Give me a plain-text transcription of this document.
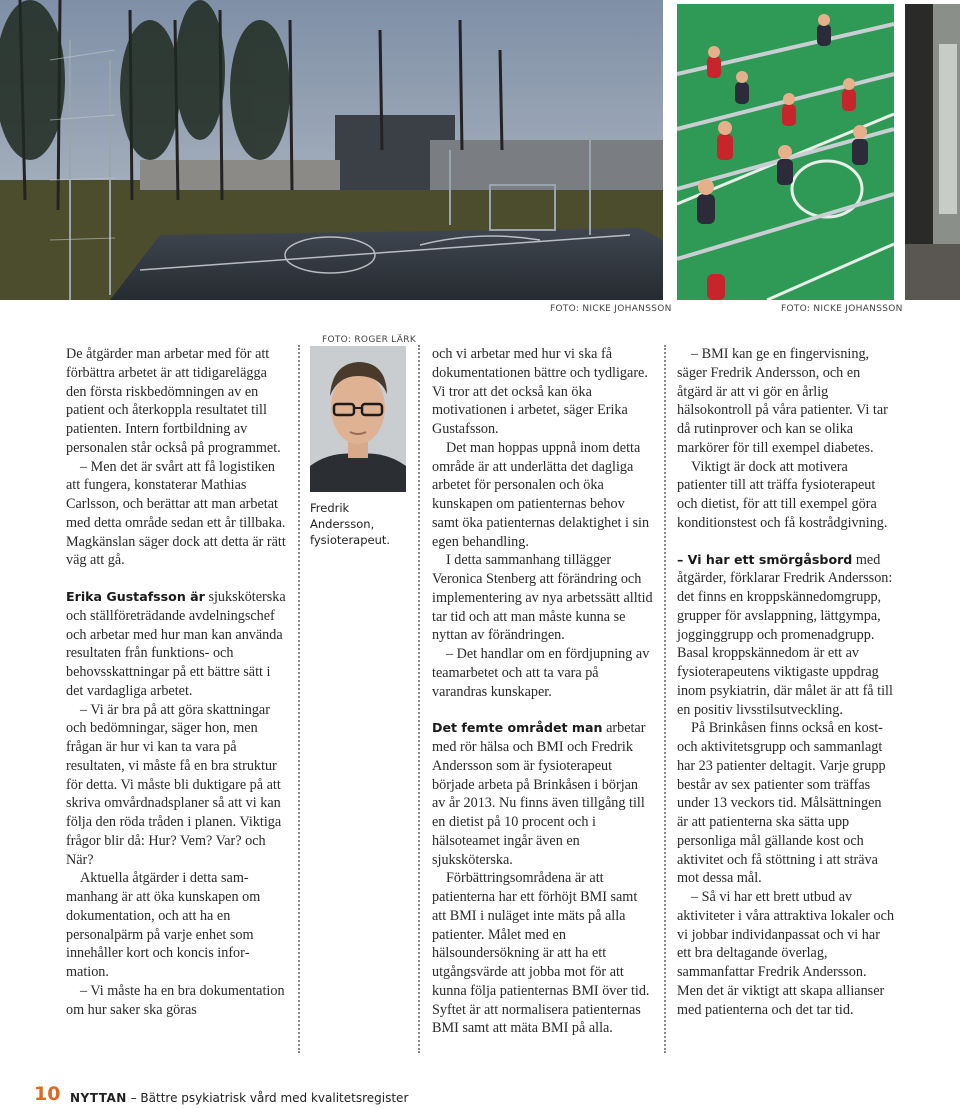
FOTO: NICKE JOHANSSON	FOTO: NICKE JOHANSSON

De åtgärder man arbetar med för att förbättra arbetet är att tidigarelägga den första riskbedömningen av en patient och återkoppla resultatet till patienten. Intern fortbildning av personalen står också på programmet.

– Men det är svårt att få logistiken att fungera, konstaterar Mathias Carlsson, och berättar att man arbetat med detta område sedan ett år tillbaka. Magkänslan säger dock att detta är rätt väg att gå.

Erika Gustafsson är sjuksköterska och ställföreträdande avdelningschef och arbetar med hur man kan använda resultaten från funktions- och behovsskattningar på ett bättre sätt i det vardagliga arbetet.

– Vi är bra på att göra skattningar och bedömningar, säger hon, men frågan är hur vi kan ta vara på resultaten, vi måste få en bra struktur för detta. Vi måste bli duktigare på att skriva omvårdnadsplaner så att vi kan följa den röda tråden i planen. Viktiga frågor blir då: Hur? Vem? Var? och När?

Aktuella åtgärder i detta sammanhang är att öka kunskapen om dokumentation, och att ha en personalpärm på varje enhet som innehåller kort och koncis information.

– Vi måste ha en bra dokumentation om hur saker ska göras

FOTO: ROGER LÄRK
Fredrik
Andersson,
fysioterapeut.

och vi arbetar med hur vi ska få dokumentationen bättre och tydligare. Vi tror att det också kan öka motivationen i arbetet, säger Erika Gustafsson.

Det man hoppas uppnå inom detta område är att underlätta det dagliga arbetet för personalen och öka kunskapen om patienternas behov samt öka patienternas delaktighet i sin egen behandling.

I detta sammanhang tillägger Veronica Stenberg att förändring och implementering av nya arbetssätt alltid tar tid och att man måste kunna se nyttan av förändringen.

– Det handlar om en fördjupning av teamarbetet och att ta vara på varandras kunskaper.

Det femte området man arbetar med rör hälsa och BMI och Fredrik Andersson som är fysioterapeut började arbeta på Brinkåsen i början av år 2013. Nu finns även tillgång till en dietist på 10 procent och i hälsoteamet ingår även en sjuksköterska.

Förbättringsområdena är att patienterna har ett förhöjt BMI samt att BMI i nuläget inte mäts på alla patienter. Målet med en hälsoundersökning är att ha ett utgångsvärde att jobba mot för att kunna följa patienternas BMI över tid. Syftet är att normalisera patienternas BMI samt att mäta BMI på alla.

– BMI kan ge en fingervisning, säger Fredrik Andersson, och en åtgärd är att vi gör en årlig hälsokontroll på våra patienter. Vi tar då rutinprover och kan se olika markörer för till exempel diabetes.

Viktigt är dock att motivera patienter till att träffa fysioterapeut och dietist, för att till exempel göra konditionstest och få kostrådgivning.

– Vi har ett smörgåsbord med åtgärder, förklarar Fredrik Andersson: det finns en kroppskännedomgrupp, grupper för avslappning, lättgympa, jogginggrupp och promenadgrupp. Basal kroppskännedom är ett av fysioterapeutens viktigaste uppdrag inom psykiatrin, där målet är att få till en positiv livsstilsutveckling.

På Brinkåsen finns också en kost- och aktivitetsgrupp och sammanlagt har 23 patienter deltagit. Varje grupp består av sex patienter som träffas under 13 veckors tid. Målsättningen är att patienterna ska sätta upp personliga mål gällande kost och aktivitet och få stöttning i att sträva mot dessa mål.

– Så vi har ett brett utbud av aktiviteter i våra attraktiva lokaler och vi jobbar individanpassat och vi har ett bra deltagande överlag, sammanfattar Fredrik Andersson. Men det är viktigt att skapa allianser med patienterna och det tar tid.

10 NYTTAN – Bättre psykiatrisk vård med kvalitetsregister
